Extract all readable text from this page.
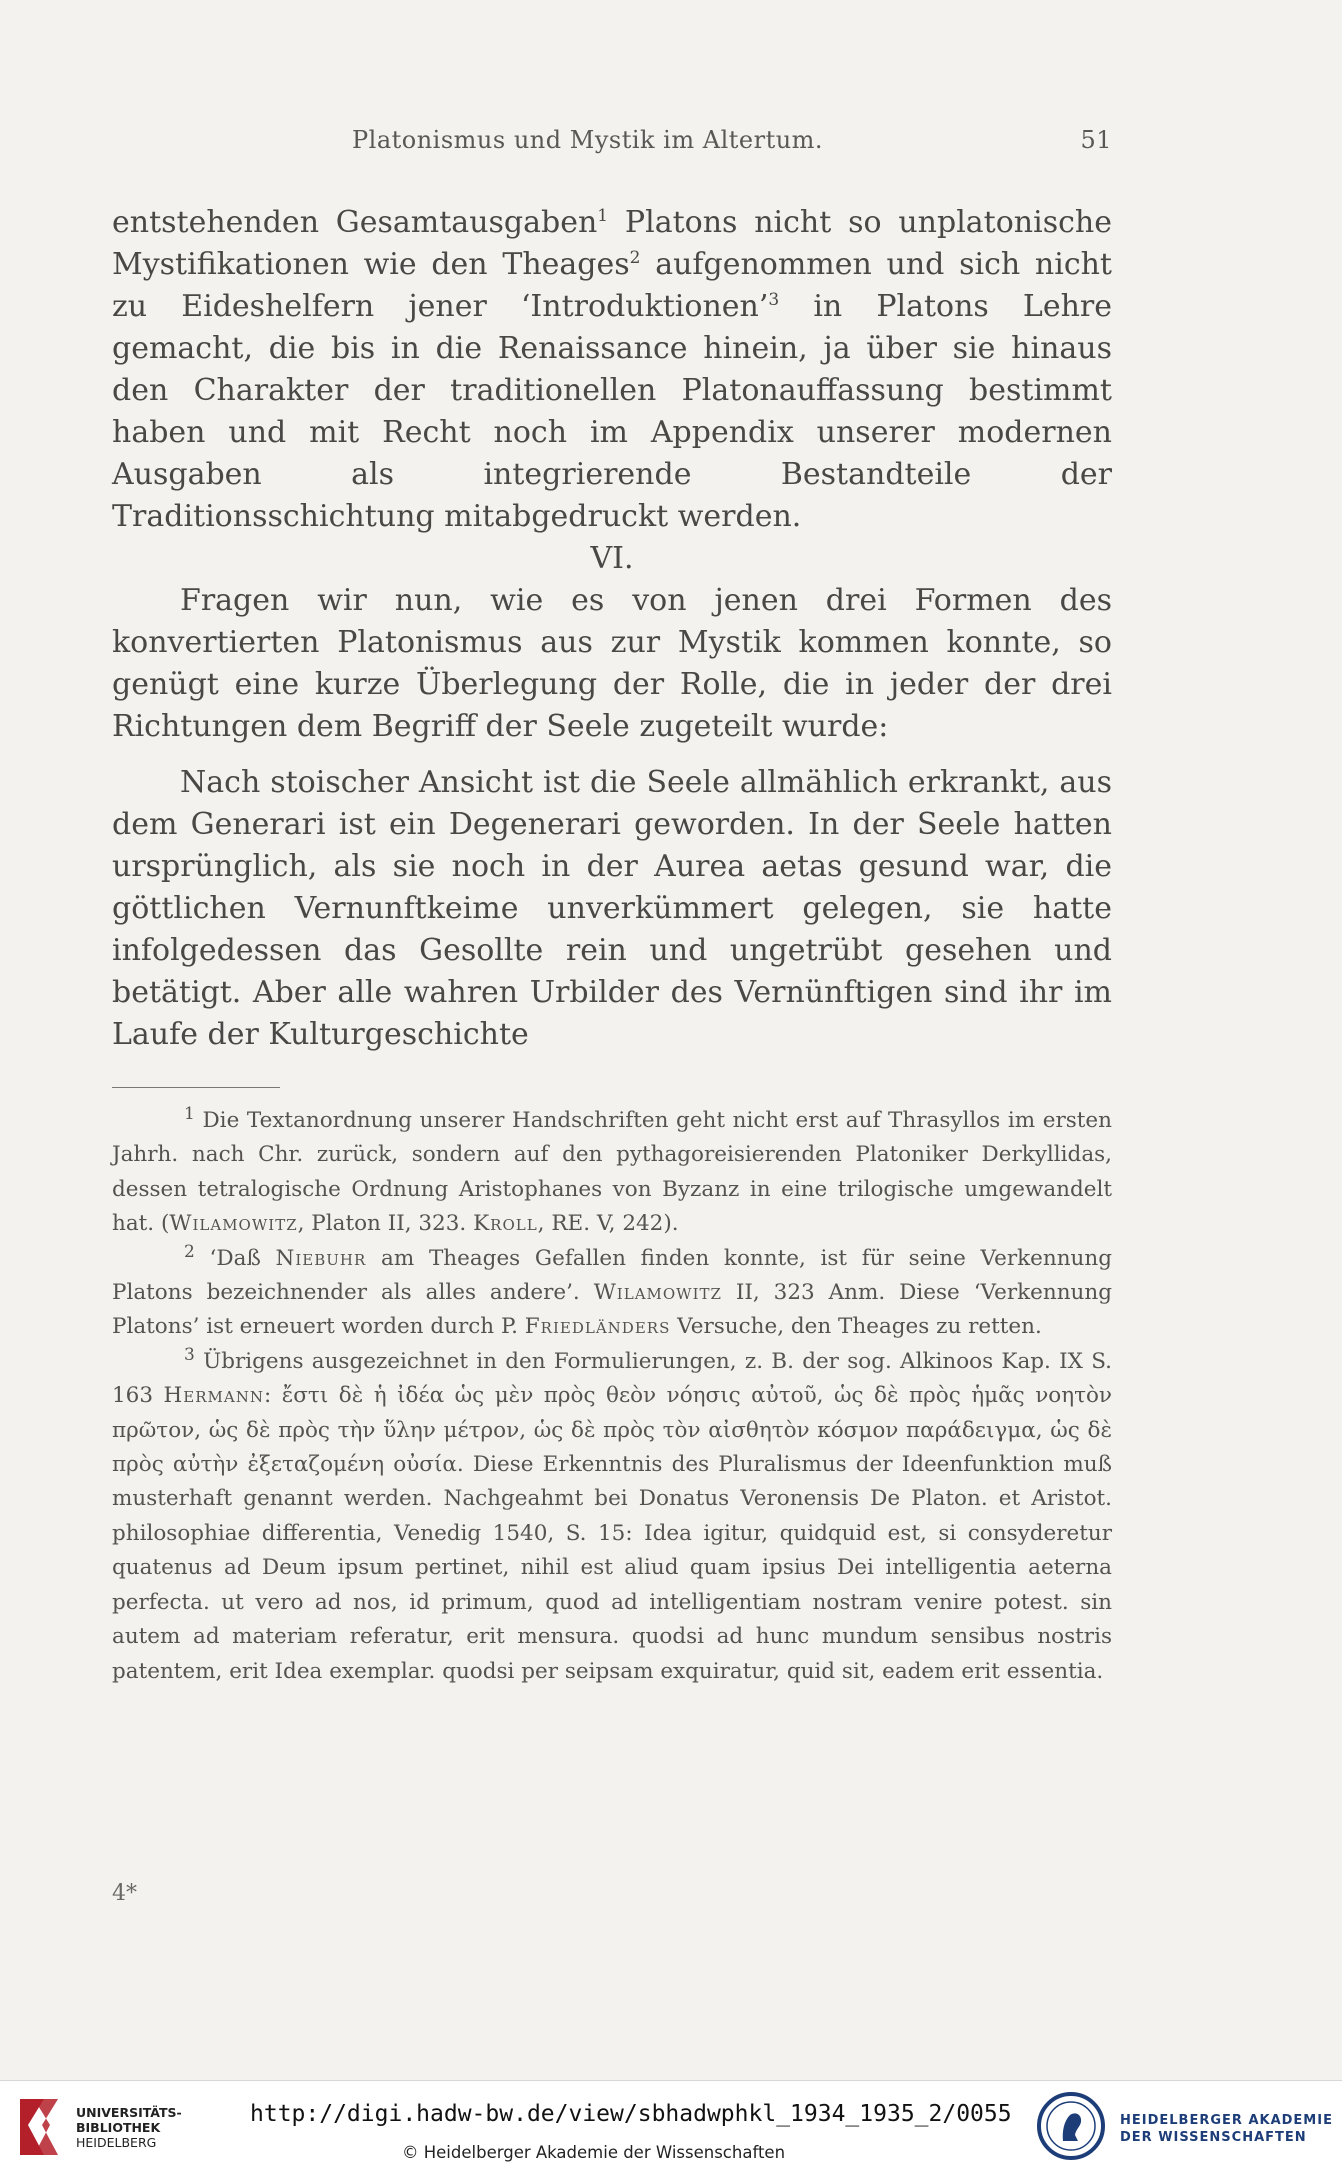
Platonismus und Mystik im Altertum.	51

entstehenden Gesamtausgaben$^1$ Platons nicht so unplatonische Mystifikationen wie den Theages$^2$ aufgenommen und sich nicht zu Eideshelfern jener ‘Introduktionen’$^3$ in Platons Lehre gemacht, die bis in die Renaissance hinein, ja über sie hinaus den Charakter der traditionellen Platonauffassung bestimmt haben und mit Recht noch im Appendix unserer modernen Ausgaben als integrierende Bestandteile der Traditionsschichtung mitabgedruckt werden.

VI.

Fragen wir nun, wie es von jenen drei Formen des konvertierten Platonismus aus zur Mystik kommen konnte, so genügt eine kurze Überlegung der Rolle, die in jeder der drei Richtungen dem Begriff der Seele zugeteilt wurde:

Nach stoischer Ansicht ist die Seele allmählich erkrankt, aus dem Generari ist ein Degenerari geworden. In der Seele hatten ursprünglich, als sie noch in der Aurea aetas gesund war, die göttlichen Vernunftkeime unverkümmert gelegen, sie hatte infolgedessen das Gesollte rein und ungetrübt gesehen und betätigt. Aber alle wahren Urbilder des Vernünftigen sind ihr im Laufe der Kulturgeschichte

$^1$ Die Textanordnung unserer Handschriften geht nicht erst auf Thrasyllos im ersten Jahrh. nach Chr. zurück, sondern auf den pythagoreisierenden Platoniker Derkyllidas, dessen tetralogische Ordnung Aristophanes von Byzanz in eine trilogische umgewandelt hat. (Wilamowitz, Platon II, 323. Kroll, RE. V, 242).

$^2$ ‘Daß Niebuhr am Theages Gefallen finden konnte, ist für seine Verkennung Platons bezeichnender als alles andere’. Wilamowitz II, 323 Anm. Diese ‘Verkennung Platons’ ist erneuert worden durch P. Friedländers Versuche, den Theages zu retten.

$^3$ Übrigens ausgezeichnet in den Formulierungen, z. B. der sog. Alkinoos Kap. IX S. 163 Hermann: ἔστι δὲ ἡ ἰδέα ὡς μὲν πρὸς θεὸν νόησις αὐτοῦ, ὡς δὲ πρὸς ἡμᾶς νοητὸν πρῶτον, ὡς δὲ πρὸς τὴν ὕλην μέτρον, ὡς δὲ πρὸς τὸν αἰσθητὸν κόσμον παράδειγμα, ὡς δὲ πρὸς αὐτὴν ἐξεταζομένη οὐσία. Diese Erkenntnis des Pluralismus der Ideenfunktion muß musterhaft genannt werden. Nachgeahmt bei Donatus Veronensis De Platon. et Aristot. philosophiae differentia, Venedig 1540, S. 15: Idea igitur, quidquid est, si consyderetur quatenus ad Deum ipsum pertinet, nihil est aliud quam ipsius Dei intelligentia aeterna perfecta. ut vero ad nos, id primum, quod ad intelligentiam nostram venire potest. sin autem ad materiam referatur, erit mensura. quodsi ad hunc mundum sensibus nostris patentem, erit Idea exemplar. quodsi per seipsam exquiratur, quid sit, eadem erit essentia.

4*
UNIVERSITÄTS-
BIBLIOTHEK
HEIDELBERG
http://digi.hadw-bw.de/view/sbhadwphkl_1934_1935_2/0055
© Heidelberger Akademie der Wissenschaften
HEIDELBERGER AKADEMIE
DER WISSENSCHAFTEN
